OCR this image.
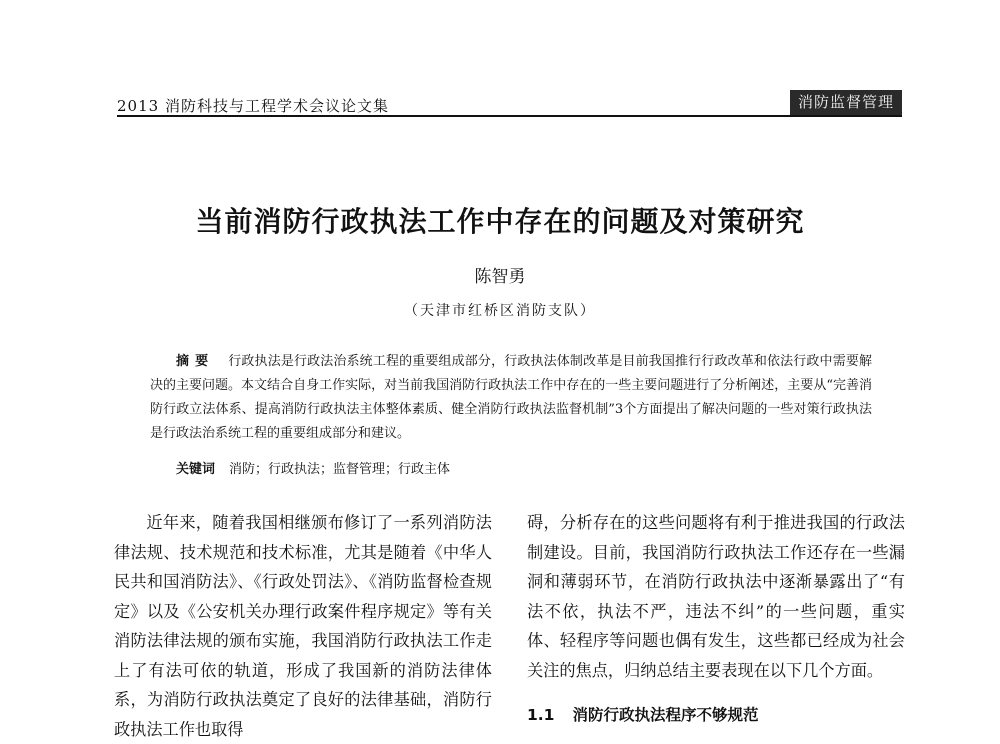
2013 消防科技与工程学术会议论文集	消防监督管理
当前消防行政执法工作中存在的问题及对策研究
陈智勇
（天津市红桥区消防支队）
摘要 行政执法是行政法治系统工程的重要组成部分，行政执法体制改革是目前我国推行行政改革和依法行政中需要解决的主要问题。本文结合自身工作实际，对当前我国消防行政执法工作中存在的一些主要问题进行了分析阐述，主要从“完善消防行政立法体系、提高消防行政执法主体整体素质、健全消防行政执法监督机制”3个方面提出了解决问题的一些对策行政执法是行政法治系统工程的重要组成部分和建议。
关键词 消防；行政执法；监督管理；行政主体

近年来，随着我国相继颁布修订了一系列消防法律法规、技术规范和技术标准，尤其是随着《中华人民共和国消防法》、《行政处罚法》、《消防监督检查规定》以及《公安机关办理行政案件程序规定》等有关消防法律法规的颁布实施，我国消防行政执法工作走上了有法可依的轨道，形成了我国新的消防法律体系，为消防行政执法奠定了良好的法律基础，消防行政执法工作也取得

碍，分析存在的这些问题将有利于推进我国的行政法制建设。目前，我国消防行政执法工作还存在一些漏洞和薄弱环节，在消防行政执法中逐渐暴露出了“有法不依，执法不严，违法不纠”的一些问题，重实体、轻程序等问题也偶有发生，这些都已经成为社会关注的焦点，归纳总结主要表现在以下几个方面。

1.1 消防行政执法程序不够规范
